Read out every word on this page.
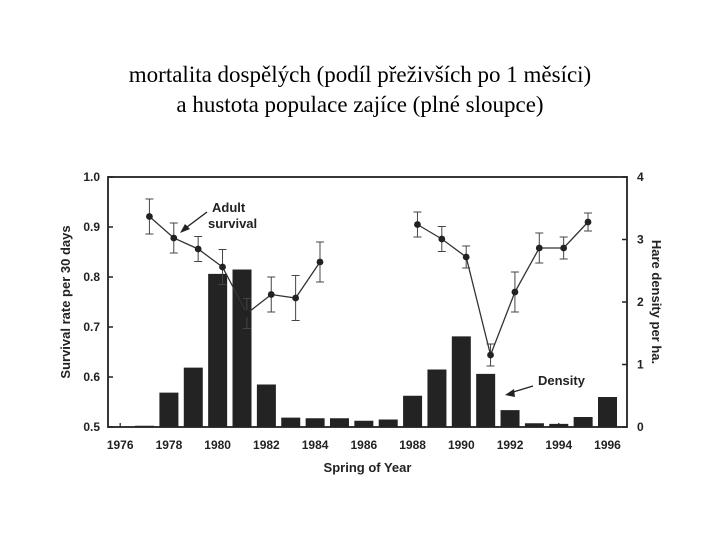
mortalita dospělých (podíl přeživších po 1 měsíci)
a hustota populace zajíce (plné sloupce)
0.5
0.6
0.7
0.8
0.9
1.0
0
1
2
3
4
1976 1978 1980 1982 1984 1986 1988 1990 1992 1994 1996
Spring of Year
Survival rate per 30 days	Hare density per ha.
Adult
survival
Density
